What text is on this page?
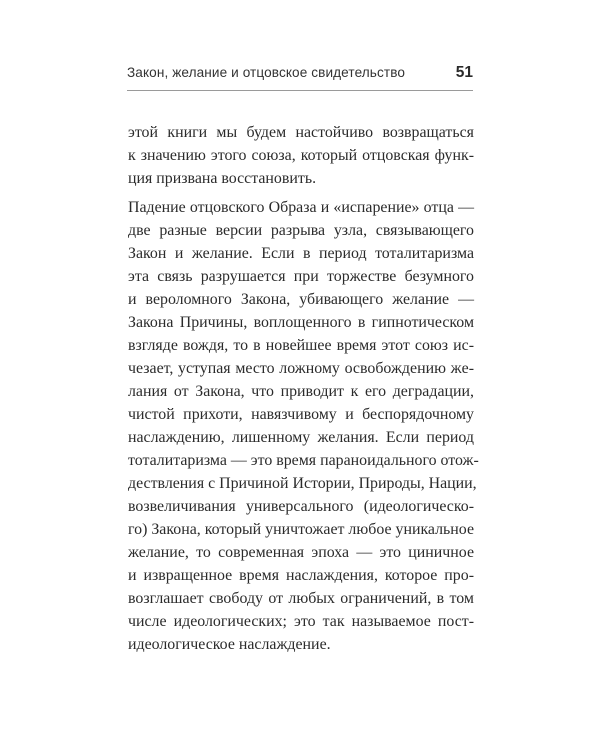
Закон, желание и отцовское свидетельство	51

этой книги мы будем настойчиво возвращаться
к значению этого союза, который отцовская функ-
ция призвана восстановить.

Падение отцовского Образа и «испарение» отца —
две разные версии разрыва узла, связывающего
Закон и желание. Если в период тоталитаризма
эта связь разрушается при торжестве безумного
и вероломного Закона, убивающего желание —
Закона Причины, воплощенного в гипнотическом
взгляде вождя, то в новейшее время этот союз ис-
чезает, уступая место ложному освобождению жe-
лания от Закона, что приводит к его деградации,
чистой прихоти, навязчивому и беспорядочному
наслаждению, лишенному желания. Если период
тоталитаризма — это время параноидального отож-
дествления с Причиной Истории, Природы, Нации,
возвеличивания универсального (идеологическо-
го) Закона, который уничтожает любое уникальное
желание, то современная эпоха — это циничное
и извращенное время наслаждения, которое про-
возглашает свободу от любых ограничений, в том
числе идеологических; это так называемое пост-
идеологическое наслаждение.
